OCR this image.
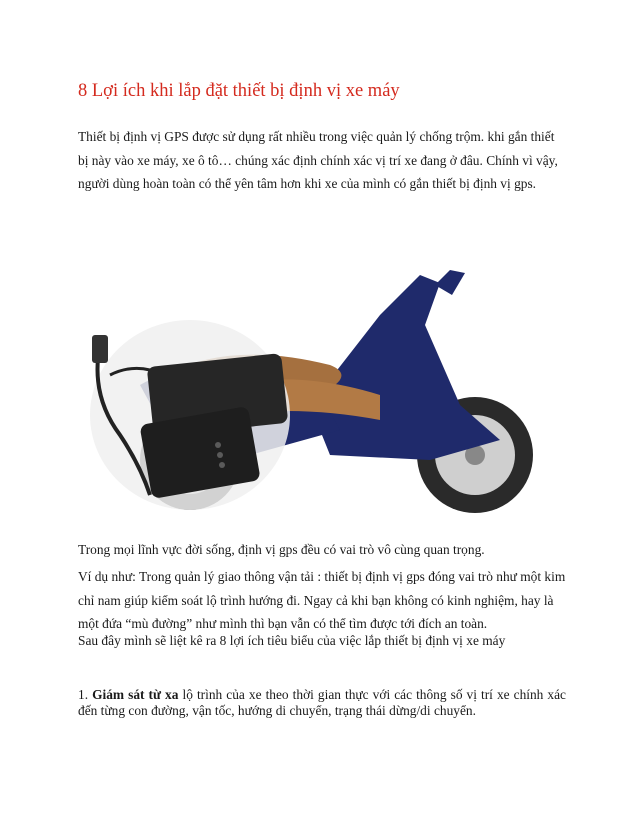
8 Lợi ích khi lắp đặt thiết bị định vị xe máy

Thiết bị định vị GPS được sử dụng rất nhiều trong việc quản lý chống trộm. khi gắn thiết bị này vào xe máy, xe ô tô… chúng xác định chính xác vị trí xe đang ở đâu. Chính vì vậy, người dùng hoàn toàn có thể yên tâm hơn khi xe của mình có gắn thiết bị định vị gps.

Trong mọi lĩnh vực đời sống, định vị gps đều có vai trò vô cùng quan trọng.

Ví dụ như: Trong quản lý giao thông vận tải : thiết bị định vị gps đóng vai trò như một kim chỉ nam giúp kiểm soát lộ trình hướng đi. Ngay cả khi bạn không có kinh nghiệm, hay là một đứa “mù đường” như mình thì bạn vẫn có thể tìm được tới đích an toàn.

Sau đây mình sẽ liệt kê ra 8 lợi ích tiêu biểu của việc lắp thiết bị định vị xe máy

1. Giám sát từ xa lộ trình của xe theo thời gian thực với các thông số vị trí xe chính xác đến từng con đường, vận tốc, hướng di chuyển, trạng thái dừng/di chuyển.
